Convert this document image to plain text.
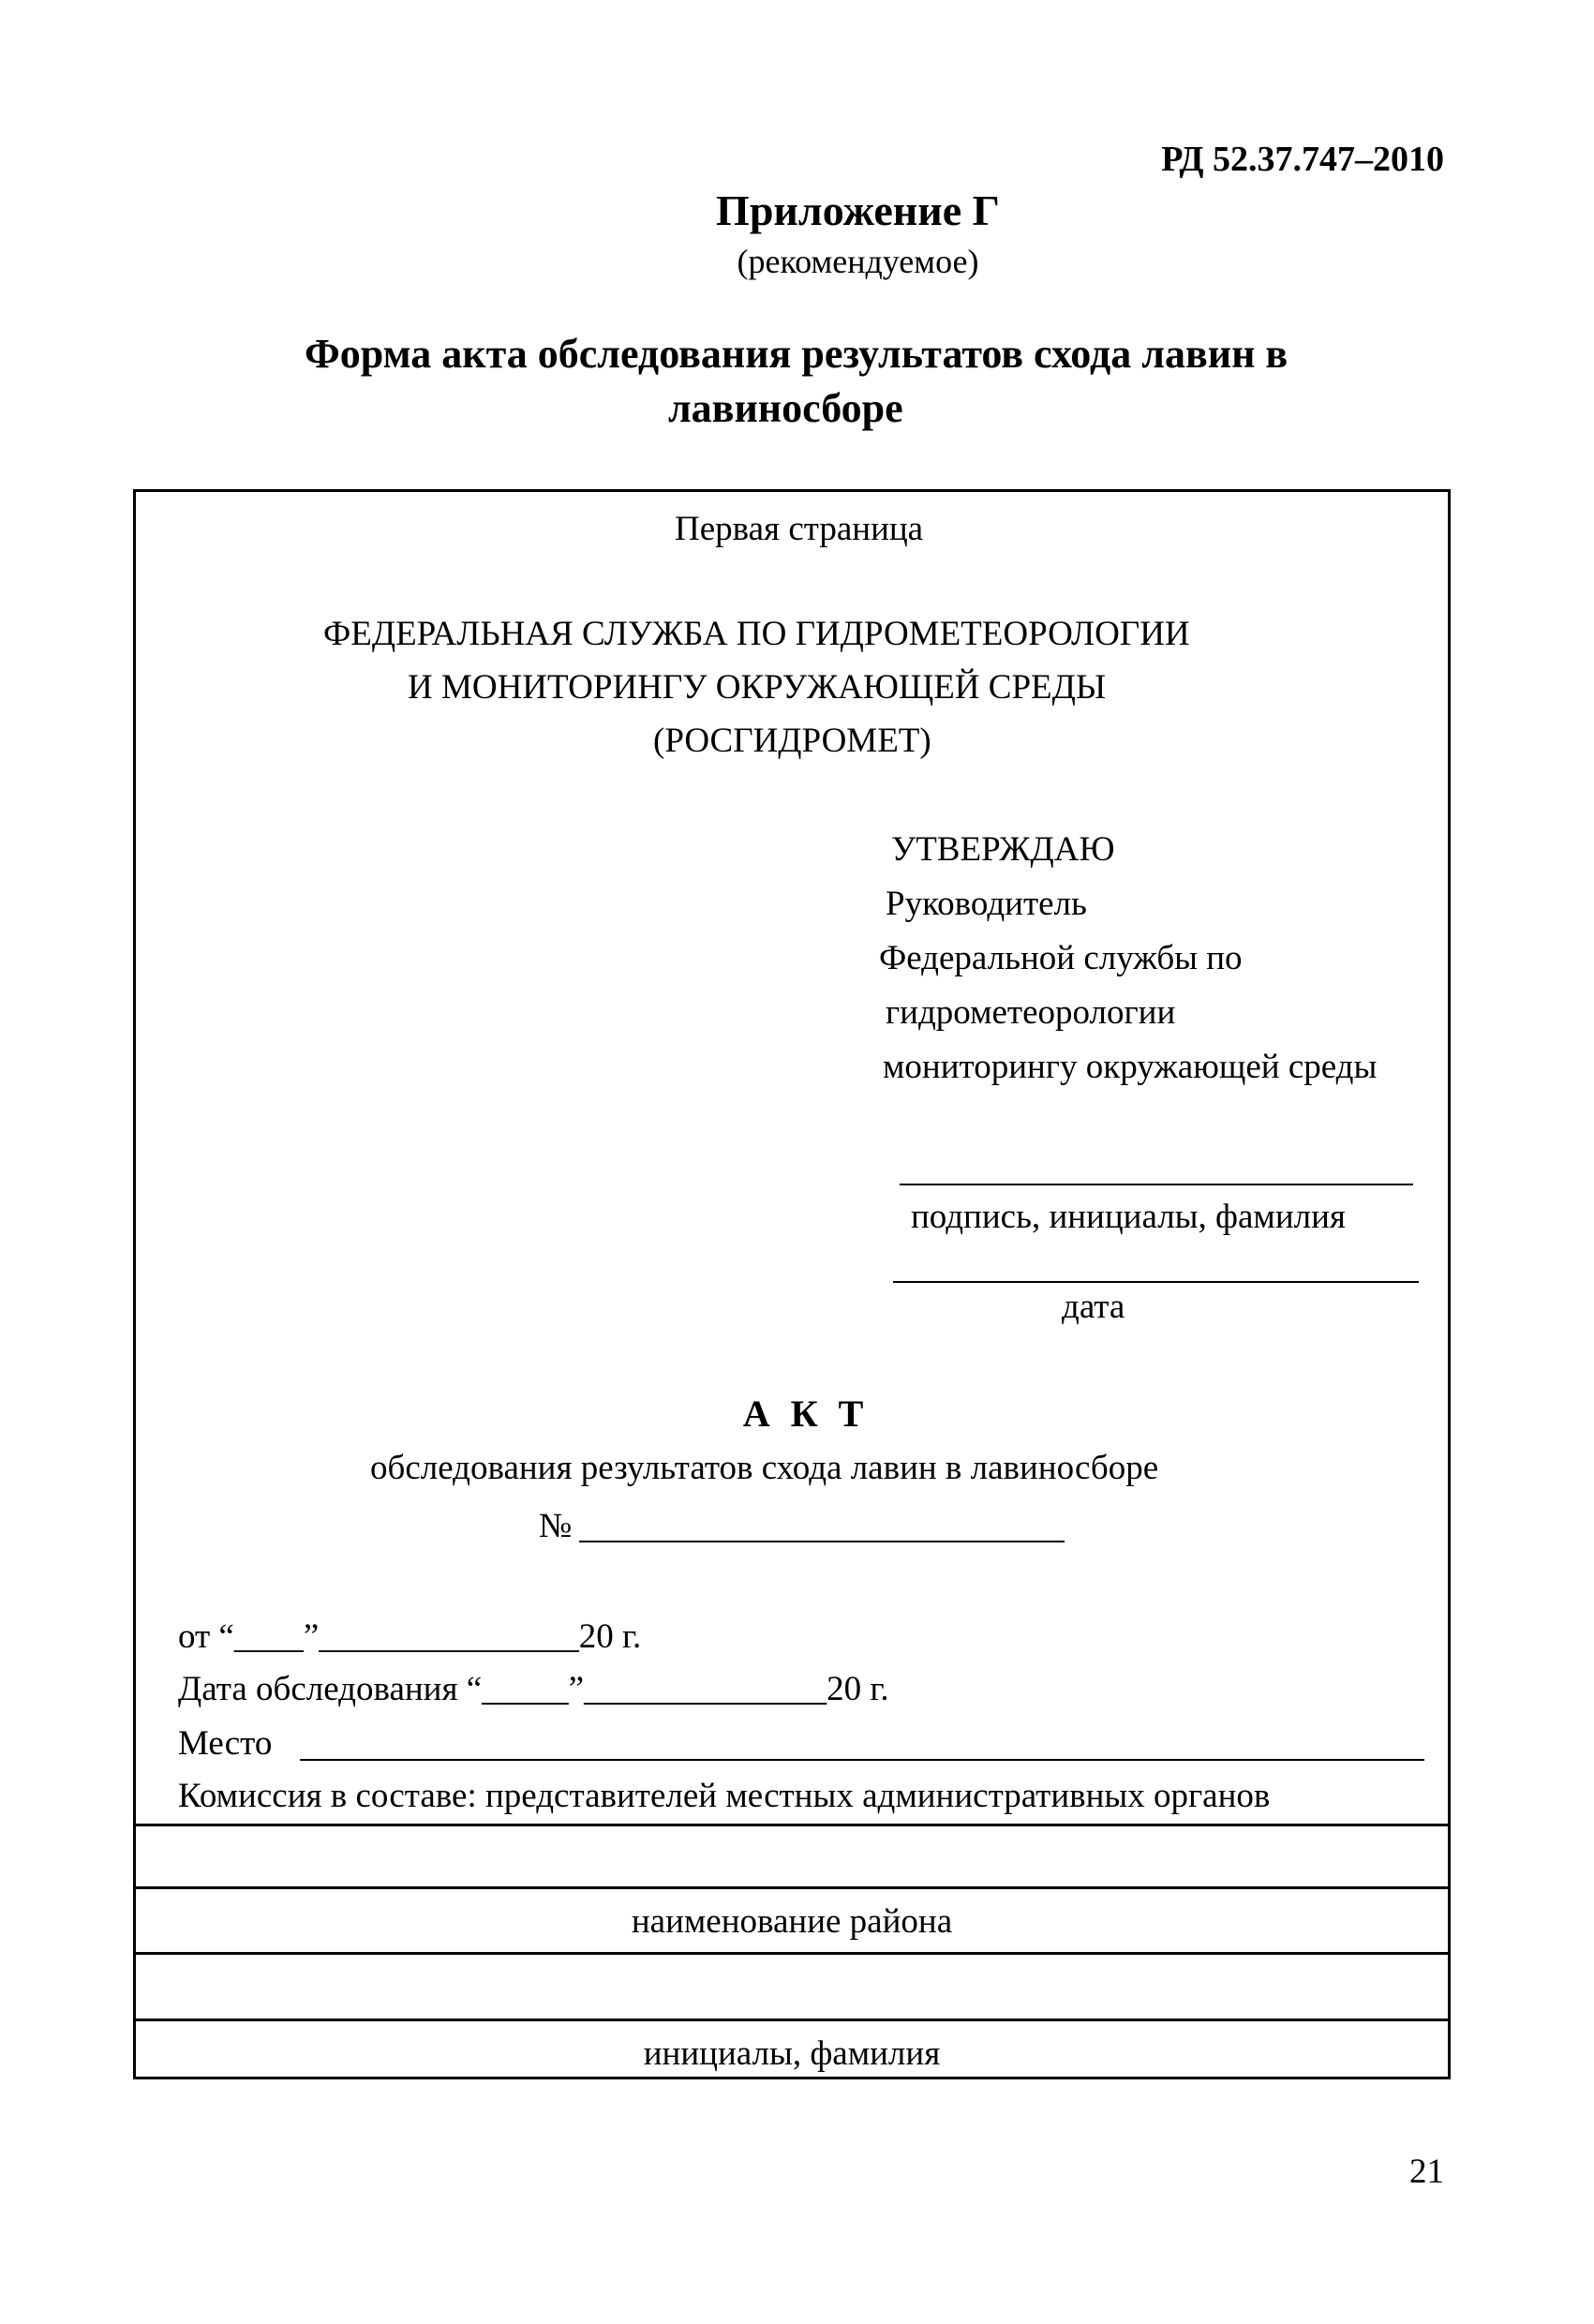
РД 52.37.747–2010
Приложение Г
(рекомендуемое)
Форма акта обследования результатов схода лавин в
лавиносборе
Первая страница
ФЕДЕРАЛЬНАЯ СЛУЖБА ПО ГИДРОМЕТЕОРОЛОГИИ
И МОНИТОРИНГУ ОКРУЖАЮЩЕЙ СРЕДЫ
(РОСГИДРОМЕТ)
УТВЕРЖДАЮ
Руководитель
Федеральной службы по
гидрометеорологии
мониторингу окружающей среды
подпись, инициалы, фамилия
дата
А К Т
обследования результатов схода лавин в лавиносборе
№
от “____”_______________20 г.
Дата обследования “_____”______________20 г.
Место
Комиссия в составе: представителей местных административных органов
наименование района
инициалы, фамилия
21
